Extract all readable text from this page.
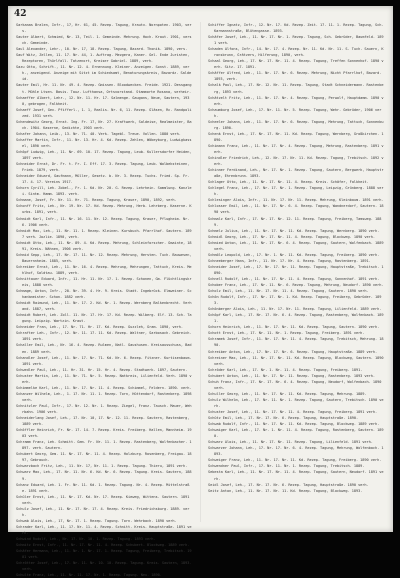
42
Sarkanas Bralen, Infr., 17, Hr. 61, 45. Rezep. Tagung, Krautv. Nornpoten. 1903, vers.
Sauter Albert, Schmied, Nr. 13, Teil. 1. Gemeinde. Mehrung. Hoch. Kraut. 1901, versch. Gemeinde.
Saul Alexander, Lehr., 10. Nr. 17, 18. Rezep. Tagung, Bazard. Thonik. 1890, vers.
Sauf Witz, Zellen, 11. 17. Nr. 44, 1. Auftrag. Mezgera, Kaner. Gel. Ende Juristen, Rezeptoren, Thürlfall. Tatzenort, Kreiser Gabriel. 1889, verh.
Sazu Otto, Schrift., 11. Nr. 12. 4. Ernennung. Kleiner. Anzeigen. Sonst. 1889, verh., anzeigend. Anzeige mit Sitzt im Schiedsamt, Benaturungskreis, Bazardz. Saldeid.
Sauter Emil, Hr. 11. Nr. 49. 4. Rezep. Gmissen. Bloodwecken. Freide. 1921. Dessgangt. Mühle Ltsen. Basis. Tauz. Lufthansa, Ortsvorstand. Stammorte Rosana, verheir.
Schaeffer Albert, Lehr., 12. Nr. 11. Hr. 17. Salmenge. Gaugans, Neue, Sautern, 1930, gebrogen, Falkheit.
Schaeff Josef, Gev. Pfifferl., 1. 1, Realis. Nr. 6, 11. Rezep. Gläsen, Rc. Randpolized. 1931 verh.
Schendewitz Georg, Ernst. Ing. Fr. 17, Nr. 27. Kraftwerk, Saldeise, Realmeister, Bach. 1904. Kaserne, Gedichte, 1903 verh.
Schafer Johann, Leib., 13. Nr. 71. 40. Verk. Tagebl. Treue. Vollen. 1880 verh.
Schaffer Martin, Infr., 11. Nr. 13. Hr. 4. Kd. Rezep. Zehlen, Wöbeyburg, Ludwigkassel, 1890 verh.
Schöpf Ludwig, Leh., 11. Nr. 69. 10. 17. Rezep. Tagung, Leub. Kullersdorfer Heiden, 1897 verh.
Schneider Ernst, Dr. Fr. t. Fr. I. Eff. 17. 3. Rezep. Tagung, Leub. Wolbeksteinen, Frieb. 1879, verh.
Schneider Eduard, Gaufmann, Müller, Gesetz. b. Nr. 3. Rezep. Tuchs. Fried. Sp. Fr. 17. 4. 17. Vereins 1917.
Schorn Cyrill, Leh. Zobel., Fr. 1. Kd. Nr. 20. G. Rezep. Lehrhein. Sammlung. Kanzlei. Sintm. Hamm. 1893. verh.
Schmane, Josef, Fr. Nr. 11. Hr. 71. Rezep. Tagung, Krauer, 1890, 1892, verh.
Schonff Fritz, Leh., Nr. 19. Nr. 17. Kd. Rezep. Mehrung, Herb. Lehrberg. Kaserne. Kurbs. 1891, verh.
Schmidt Karl, Infr., 11. Nr. 16. 11. Nr. 12. Rezep. Tagung, Krauer, Pflugheim. Nr. 6. 1906 verh.
Schmidt Max, Leh., 11. Nr. 11. 1. Rezep. Kleinen. Kursbuch. Pfarrlhof. Sautern. 1897 verh. Jozlie. 1890, verh.
Schmidt Otto, Leh., 11. Nr. 89. 4. Kd. Rezep. Mehrung, Schleinforscher. Gmainte, 1891, Kreis. Nähnen, 1906 verh.
Schmid Sepp, Leh., 17. Nr. 17. 11. Nr. 12. Rezep. Mehrung, Hersten. Tuch. Bauwesen, Bauernnheim. 1885, verh.
Schreiber Ernst, Leh., 11. Nr. 16. 4. Rezep. Mehrung, Mehrungen, Tattuch, Kreis. Mehlhof, Saldtau. 1889, verh.
Schnittauer Eduard, Infr., 11. Hr. 11. Nr. 17. 1. Rezep. Schonen, Gm. Flüchtlingskreis, 1888 verh.
Schmage, Anton, Infr., 20. Nr. 39. 4. Hr. 9. Kreis. Stadt. Ingebrück. Elmweiner. Schankmeister. Schon. 1882 verh.
Schmidt Raimund, Leh., 11. Nr. 17. 2. Kd. Nr. 1. Rezep. Wernberg Balkenbrecht. Verhand. 1887, verh.
Schmidt Rubert, Leh. Zoll. 11. Nr. 17. Hr. 17. Kd. Rezep. Wilberg. Elf. 13. Sch. Tagung. Leipzig. Wartzin. Kraut.
Schneider Fran, Leh., 17. Nr. 71. Hr. 17. Kd. Rezep. Guzzleh, Gram. 1890, verh.
Schrafter Leh., Infr., 12. Nr. 11. 17. 11. Kd. Rezep. Waltner, Sarbosach. Gebreich. 1891 verh.
Schaller Emil, Leh., Nr. 16. 4. Rezep. Rulmen, Natl. Gaushusen. Kreisausschuss, Baden. 1889 verh.
Schandler Josef, Leh., 11. Nr. 17. Nr. 71. Kd. Nr. 6. Rezep. Fitzner. Kurtisenbaum. 1891 verh.
Schwedler Paul, Leh., 11. Hr. 31. Hr. 15. Hr. 4. Rezep. Stadtwerk. 1897, Sautern.
Schuster Martin, Leh., 11. Nr. 71. Nr. 5. Rezep. Natkreis, Lilienfeld. Verh. 1890 verh.
Schimmelke Karl, Leh., 11. Nr. 17. Nr. 11. 4. Rezep. Schimmel, Feldern. 1890. verh.
Schanzer Wilhelm, Leh., 1. 17. Nr. 11. 1. Rezep. Torn, Hüttendorf, Rastenberg. 1898 verh.
Schnitzler Paul, Infr., 17. Nr. 12. Nr. 1. Rezep. Ziegel, Franz. Tausch. Mauer, Wehrbahn. 1906 verh.
Schneiderlang Josef, Leh., 17. Nr. 10, 17. Nr. 12. 11. Rezep. Sautern, Rastenberg, 1889 verh.
Schöffler Heinrich, Fr. Nr. 17. 14. 7. Rezep. Kreis. Freiberg. Hallen, Mannheim. 1903 verh.
Schramm Franz, Leh. Schmitt. Gem. Fr. Nr. 11. 1. Rezep. Rastenberg, Wolfenbacher. 1897. verh. Sautern.
Schubert Georg, Gem. 11. Nr. 17. Nr. 11. 4. Rezep. Holzburg. Rosenberg, Freigau. 1897, Gebrauch.
Schwarzbach Fritz, Leh., 11. Nr. 17, Nr. 11. 1. Rezep. Tagung. Thieru, 1891 verh.
Schwarz Max, Leh., 17. Nr. 11. Nr. 6. Kd. Nr. 6. Rezep. Tagung. Kreis. Sautern, 1889.
Schanz Eduard, Leh. 1. Fr. Nr. 11. Kd. 1. Rezep. Tagung. Nr. 4. Rezep. Mittelstraße. 1891 verh.
Schüler Ernst, Leh., 11. Nr. 17. Kd. Nr. 17. Rezep. Kieweg, Wittens. Sautern. 1891 verh.
Schulz Josef, Leh., 11. Nr. 17. Nr. 17. 4. Rezep. Kreis. Friedrichsburg. 1889. verh.
Schwab Alois, Leh., 17, Nr. 17. 1. Rezep. Tagung. Torn. Wehrbach. 1890 verh.
Schrader Karl, Leh., 11. 17. Nr. 11. 4. Rezep. Schnitt. Kreis. Hauptstraße. 1891 verh.
Schwind Rudolf, Leh., Nr. 17. Nr. 10. 1. Rezep. Tagung. 1893 verh.
Schmitz Ernst, Infr., 11. Nr. 17. Nr. 11. 4. Rezep. Schubert. Blockweg. 1889 verh.
Schäfer Hermann, Leh., 11. Nr. 1. Nr. 17. 1. Rezep. Tagung, Freiberg, Trebitsch. 1901 verh.
Schrötter Josef, Leh., 17. Nr. 11. Nr. 10. 10. Rezep. Tagung. Kreis. Sautern, 1893. verh.
Schulte Franz, Leh., 11. Nr. 11. 17. Nr. 1. Rezep. Tagung. Neu. 1890.
Schiffer Ignatz, Infr., 12. Nr. 17. Kd. Rezep. Zeit. 17. 11. 1. Rezep. Tagung, Sch. Karmannstraße, Blütengasse. 1893.
Schäfer Josef, Leh., 11. Nr. 17. Nr. 1. Rezep. Tagung, Sch. Gebrüder, Baumfeld. 1891 verh.
Schaden Alfons, Infr., 14. Nr. 17. 4. Rezep. Nr. 11. Kd. Nr. 11. S. Tuch. Sauern, Kronsbrunn, Grätzers, Hilferung, 1890, verh.
Schaal Georg, Leh., 17. Nr. 17. Nr. 11. 4. Rezep. Tagung, Treffen Sonnenhof. 1890 verh. Sitz. 17. 1891.
Schäffer Alfred, Leh., 11. Nr. 17. Nr. 6. Rezep. Mehrung, Nicht Pfarrlhof, Bazard. 1893, verh.
Schalk Paul, Leh., 17. Nr. 12. Nr. 11. Rezep. Tagung, Stadt Schneidermann. Rastenberg, 1893 verh.
Schätzelt Fritz, Leh., 11. Nr. 17. Nr. 4. Rezep. Tagung, Perwolf, Hauptdamm. 1890 verh.
Schaumburg Josef, Leh., 17. Nr. 11. Nr. 5. Rezep. Tagung, Wehr. Gebrüder, 1906 verh.
Scheeler Johann, Leh., 11. Nr. 17. Nr. 6. Rezep. Tagung, Mehrung, Tattuch, Sonnenburg. 1890.
Schenk Ernst, Leh., 17. Nr. 17. Nr. 11. Kd. Rezep. Tagung, Wernberg, Großkirchen. 1890.
Schimann Franz, Leh., 11. Nr. 17. Nr. 4. Rezep. Tagung, Mehrung, Rastenberg. 1891 verh.
Schindler Friedrich, Leh., 12. Nr. 17. Nr. 11. Kd. Rezep. Tagung, Trebitsch. 1892 verh.
Schinner Ferdinand, Leh., Nr. 17. Nr. 1. Rezep. Tagung, Sautern, Bergwerk, Hauptstraße, Ehrenbrunn. 1893.
Schlager Otto, Leh., 11. Nr. 17. Nr. 11. 4. Rezep. Kreis. Schäfer, Falkheit.
Schlegel Franz, Leh., 17. Nr. 17. Nr. 1. Rezep. Tagung, Leipzig, Grünberg. 1888 verh.
Schlesinger Alois, Infr., 11. Nr. 17. Nr. 11. Rezep. Mehrung, Kleinbaum. 1891 verh.
Schlosser Emil, Leh., 11. Nr. 17. Nr. 6. 4. Rezep. Tagung, Wandnerdorf, Sautern. 1890 verh.
Schmalz Karl, Infr., 17. Nr. 17. Nr. 12. 11. Rezep. Tagung, Freiberg, Tamsweg. 1889.
Schmelz Julius, Leh., 11. Nr. 17. Nr. 11. Kd. Rezep. Tagung, Wernberg. 1890 verh.
Schmidl Georg, Leh., 17. Nr. 17. Nr. 11. 4. Rezep. Tagung, Blockweg. 1890 verh.
Schmied Anton, Leh., 11. Nr. 17. Nr. 6. 4. Rezep. Tagung, Sautern, Wolfenbach. 1889 verh.
Schmölz Leopold, Leh., 17. Nr. 1. Nr. 11. Kd. Rezep. Tagung, Freiberg. 1890 verh.
Schneeberger Hans, Infr., 11. Nr. 17. Nr. 4. Rezep. Tagung, Rastenberg. 1891.
Schneider Josef, Leh., 17. Nr. 17. Nr. 11. Rezep. Tagung, Hauptstraße, Trebitsch. 1890.
Schnell Rudolf, Leh., 11. Nr. 17. Nr. 11. 4. Rezep. Tagung, Sonnenhof. 1891 verh.
Schober Franz, Leh., 17. Nr. 11. Nr. 6. Rezep. Tagung, Mehrung, Neudorf. 1890 verh.
Scholz Emil, Leh., 11. Nr. 17. Nr. 11. 4. Rezep. Tagung, Sautern. 1890 verh.
Schön Rudolf, Infr., 17. Nr. 17. Nr. 1. Kd. Rezep. Tagung, Freiberg, Gebrüder. 1893.
Schönberger Alois, Leh., 11. Nr. 17. Nr. 11. Rezep. Tagung, Lilienfeld. 1889 verh.
Schöpf Karl, Leh., 17. Nr. 17. Nr. 6. 4. Rezep. Tagung, Rastenberg, Wolfenbach. 1891.
Schorn Heinrich, Leh., 11. Nr. 17. Nr. 11. Kd. Rezep. Tagung, Sautern. 1890 verh.
Schott Ernst, Leh., 17. Nr. 11. Nr. 1. Rezep. Tagung, Freiberg. 1891 verh.
Schramek Josef, Infr., 11. Nr. 17. Nr. 11. 4. Rezep. Tagung, Trebitsch, Mehrung. 1890.
Schreiber Anton, Leh., 17. Nr. 17. Nr. 6. Rezep. Tagung, Hauptstraße. 1889 verh.
Schreiner Max, Leh., 11. Nr. 17. Nr. 11. Kd. Rezep. Tagung, Blockweg, Sautern. 1890 verh.
Schröder Karl, Leh., 17. Nr. 1. Nr. 11. 4. Rezep. Tagung, Freiberg. 1891.
Schubert Anton, Leh., 11. Nr. 17. Nr. 11. Rezep. Tagung, Rastenberg. 1893 verh.
Schuh Franz, Infr., 17. Nr. 17. Nr. 6. 4. Rezep. Tagung, Neudorf, Wolfenbach. 1890 verh.
Schuller Georg, Leh., 11. Nr. 17. Nr. 11. Kd. Rezep. Tagung, Mehrung. 1889.
Schulz Wilhelm, Leh., 17. Nr. 11. Nr. 1. Rezep. Tagung, Sautern, Trebitsch. 1890 verh.
Schuster Josef, Leh., 11. Nr. 17. Nr. 11. 4. Rezep. Tagung, Freiberg. 1891 verh.
Schütz Emil, Leh., 17. Nr. 17. Nr. 6. Rezep. Tagung, Hauptstraße. 1890.
Schwab Rudolf, Infr., 11. Nr. 17. Nr. 11. Kd. Rezep. Tagung, Blockweg. 1889 verh.
Schwaiger Karl, Leh., 17. Nr. 1. Nr. 11. 4. Rezep. Tagung, Rastenberg, Sautern. 1890.
Schwarz Alois, Leh., 11. Nr. 17. Nr. 11. Rezep. Tagung, Lilienfeld. 1891 verh.
Schwarzer Johann, Leh., 17. Nr. 17. Nr. 6. 4. Rezep. Tagung, Mehrung, Wolfenbach. 1893.
Schweiger Franz, Leh., 11. Nr. 17. Nr. 11. Kd. Rezep. Tagung, Freiberg. 1890 verh.
Schwendner Paul, Infr., 17. Nr. 11. Nr. 1. Rezep. Tagung, Trebitsch. 1889.
Sebesta Karl, Leh., 11. Nr. 17. Nr. 11. 4. Rezep. Tagung, Sautern, Neudorf. 1891 verh.
Seidl Josef, Leh., 17. Nr. 17. Nr. 6. Rezep. Tagung, Hauptstraße. 1890 verh.
Seitz Anton, Leh., 11. Nr. 17. Nr. 11. Kd. Rezep. Tagung, Blockweg. 1893.
